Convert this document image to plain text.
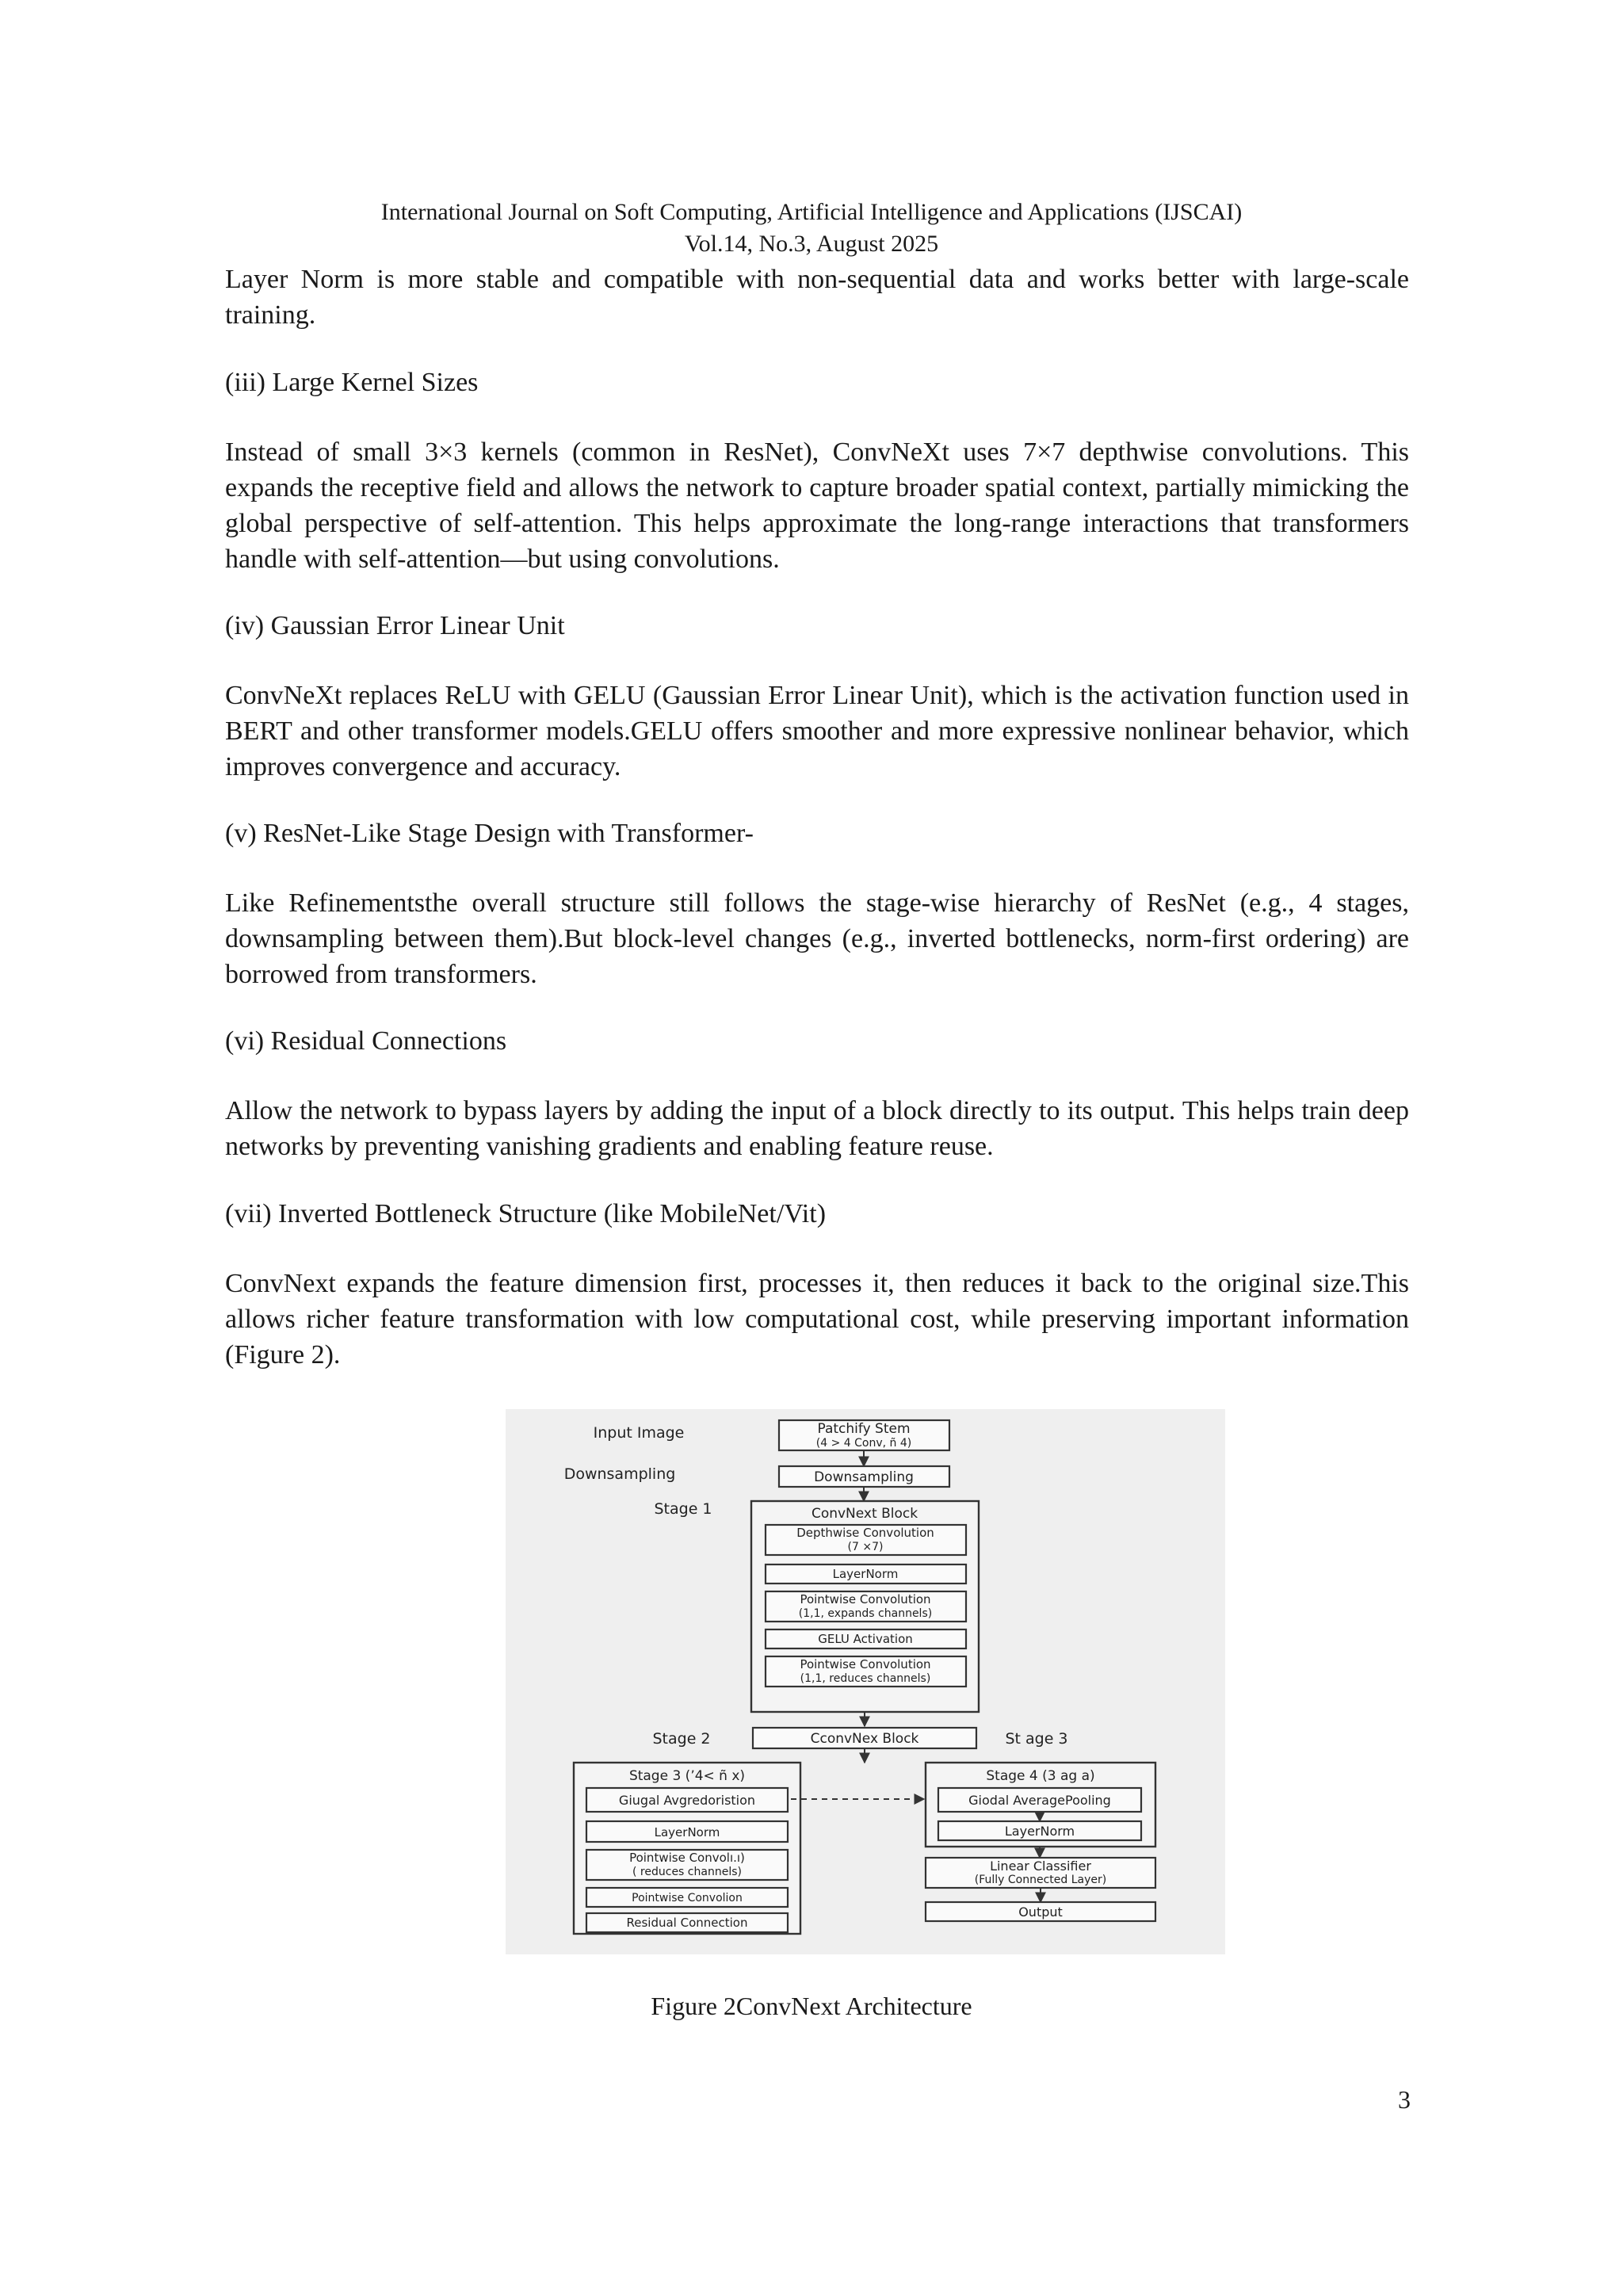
International Journal on Soft Computing, Artificial Intelligence and Applications (IJSCAI)
Vol.14, No.3, August 2025
Layer Norm is more stable and compatible with non-sequential data and works better with large-scale training.
(iii) Large Kernel Sizes
Instead of small 3×3 kernels (common in ResNet), ConvNeXt uses 7×7 depthwise convolutions. This expands the receptive field and allows the network to capture broader spatial context, partially mimicking the global perspective of self-attention. This helps approximate the long-range interactions that transformers handle with self-attention—but using convolutions.
(iv) Gaussian Error Linear Unit
ConvNeXt replaces ReLU with GELU (Gaussian Error Linear Unit), which is the activation function used in BERT and other transformer models.GELU offers smoother and more expressive nonlinear behavior, which improves convergence and accuracy.
(v) ResNet-Like Stage Design with Transformer-
Like Refinementsthe overall structure still follows the stage-wise hierarchy of ResNet (e.g., 4 stages, downsampling between them).But block-level changes (e.g., inverted bottlenecks, norm-first ordering) are borrowed from transformers.
(vi) Residual Connections
Allow the network to bypass layers by adding the input of a block directly to its output. This helps train deep networks by preventing vanishing gradients and enabling feature reuse.
(vii) Inverted Bottleneck Structure (like MobileNet/Vit)
ConvNext expands the feature dimension first, processes it, then reduces it back to the original size.This allows richer feature transformation with low computational cost, while preserving important information (Figure 2).
Input Image
Downsampling
Stage 1
Patchify Stem
(4 > 4 Conv, ñ 4)
Downsampling
ConvNext Block
Depthwise Convolution
(7 ×7)
LayerNorm
Pointwise Convolution
(1,1, expands channels)
GELU Activation
Pointwise Convolution
(1,1, reduces channels)
Stage 2	CconvNex Block	St age 3
Stage 3 (ʼ4< ñ x)
Giugal Avgredoristion
LayerNorm
Pointwise Convolı.ı)
( reduces channels)
Pointwise Convolion
Residual Connection
Stage 4 (3 ag a)
Giodal AveragePooling
LayerNorm
Linear Classifier
(Fully Connected Layer)
Output
Figure 2ConvNext Architecture
3
